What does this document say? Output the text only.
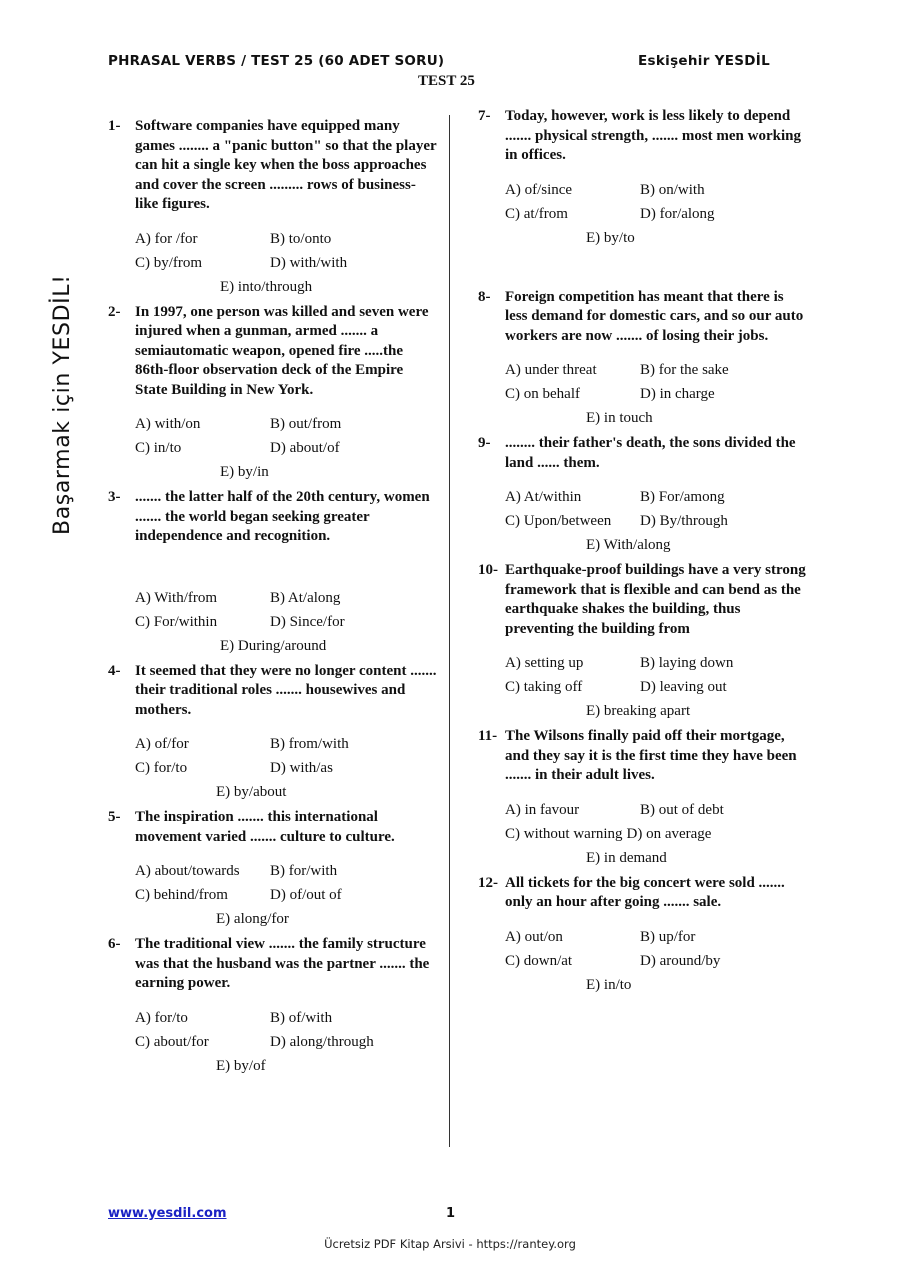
PHRASAL VERBS / TEST 25 (60 ADET SORU)	Eskişehir YESDİL
TEST 25
Başarmak için YESDİL!
1- Software companies have equipped many games ........ a "panic button" so that the player can hit a single key when the boss approaches and cover the screen ......... rows of business-like figures.
A) for /for	B) to/onto
C) by/from	D) with/with
E) into/through
2- In 1997, one person was killed and seven were injured when a gunman, armed ....... a semiautomatic weapon, opened fire .....the 86th-floor observation deck of the Empire State Building in New York.
A) with/on	B) out/from
C) in/to	D) about/of
E) by/in
3- ....... the latter half of the 20th century, women ....... the world began seeking greater independence and recognition.
A) With/from	B) At/along
C) For/within	D) Since/for
E) During/around
4- It seemed that they were no longer content ....... their traditional roles ....... housewives and mothers.
A) of/for	B) from/with
C) for/to	D) with/as
E) by/about
5- The inspiration ....... this international movement varied ....... culture to culture.
A) about/towards	B) for/with
C) behind/from	D) of/out of
E) along/for
6- The traditional view ....... the family structure was that the husband was the partner ....... the earning power.
A) for/to	B) of/with
C) about/for	D) along/through
E) by/of
7- Today, however, work is less likely to depend ....... physical strength, ....... most men working in offices.
A) of/since	B) on/with
C) at/from	D) for/along
E) by/to
8- Foreign competition has meant that there is less demand for domestic cars, and so our auto workers are now ....... of losing their jobs.
A) under threat	B) for the sake
C) on behalf	D) in charge
E) in touch
9- ........ their father's death, the sons divided the land ...... them.
A) At/within	B) For/among
C) Upon/between	D) By/through
E) With/along
10- Earthquake-proof buildings have a very strong framework that is flexible and can bend as the earthquake shakes the building, thus preventing the building from
A) setting up	B) laying down
C) taking off	D) leaving out
E) breaking apart
11- The Wilsons finally paid off their mortgage, and they say it is the first time they have been ....... in their adult lives.
A) in favour	B) out of debt
C) without warning D) on average
E) in demand
12- All tickets for the big concert were sold ....... only an hour after going ....... sale.
A) out/on	B) up/for
C) down/at	D) around/by
E) in/to
www.yesdil.com	1
Ücretsiz PDF Kitap Arsivi - https://rantey.org
